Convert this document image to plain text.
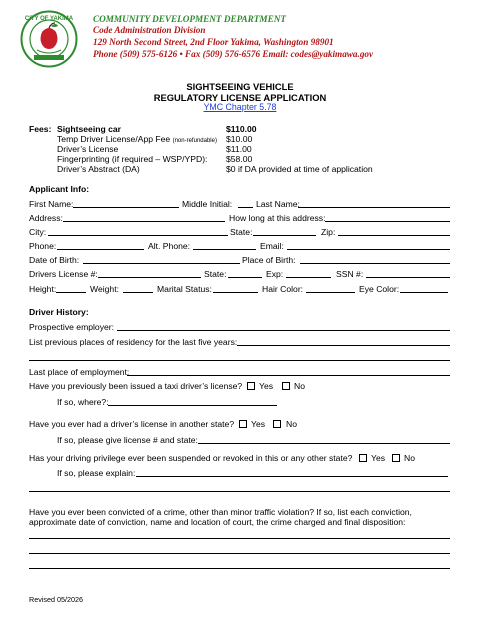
CITY OF YAKIMA COMMUNITY DEVELOPMENT DEPARTMENT
Code Administration Division
129 North Second Street, 2nd Floor Yakima, Washington 98901
Phone (509) 575-6126 • Fax (509) 576-6576 Email: codes@yakimawa.gov
SIGHTSEEING VEHICLE
REGULATORY LICENSE APPLICATION
YMC Chapter 5.78
Fees: Sightseeing car	$110.00
Temp Driver License/App Fee (non-refundable) $10.00
Driver’s License	$11.00
Fingerprinting (if required – WSP/YPD): $58.00
Driver’s Abstract (DA)	$0 if DA provided at time of application
Applicant Info:
First Name:	Middle Initial:	Last Name:
Address:	How long at this address:
City:	State:	Zip:
Phone:	Alt. Phone:	Email:
Date of Birth:	Place of Birth:
Drivers License #:	State:	Exp:	SSN #:
Height:	Weight:	Marital Status:	Hair Color:	Eye Color:
Driver History:
Prospective employer:
List previous places of residency for the last five years:
Last place of employment:
Have you previously been issued a taxi driver’s license? Yes No
If so, where?:
Have you ever had a driver’s license in another state? Yes No
If so, please give license # and state:
Has your driving privilege ever been suspended or revoked in this or any other state? Yes No
If so, please explain:
Have you ever been convicted of a crime, other than minor traffic violation? If so, list each conviction,
approximate date of conviction, name and location of court, the crime charged and final disposition:
Revised 05/2026
